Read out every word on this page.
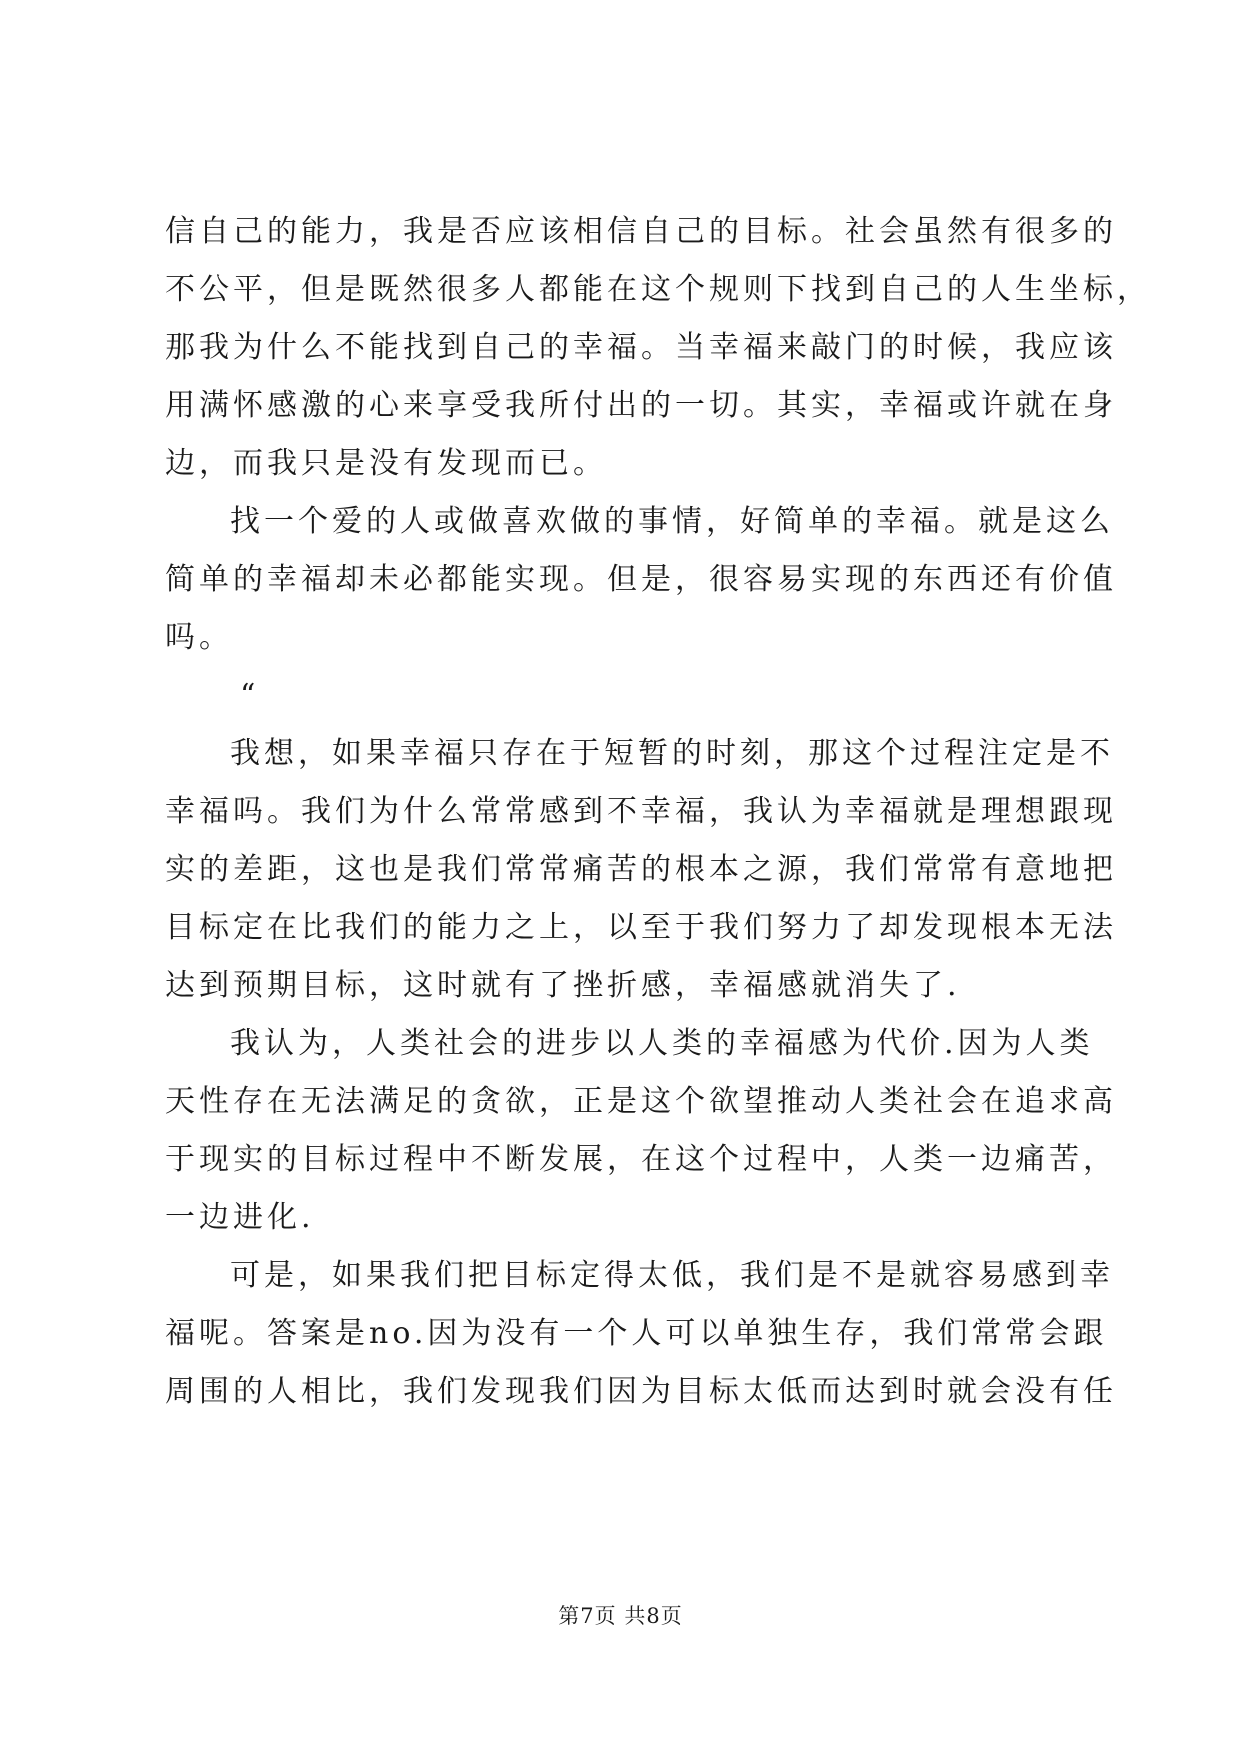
信自己的能力，我是否应该相信自己的目标。社会虽然有很多的
不公平，但是既然很多人都能在这个规则下找到自己的人生坐标，
那我为什么不能找到自己的幸福。当幸福来敲门的时候，我应该
用满怀感激的心来享受我所付出的一切。其实，幸福或许就在身
边，而我只是没有发现而已。
找一个爱的人或做喜欢做的事情，好简单的幸福。就是这么
简单的幸福却未必都能实现。但是，很容易实现的东西还有价值
吗。
“
我想，如果幸福只存在于短暂的时刻，那这个过程注定是不
幸福吗。我们为什么常常感到不幸福，我认为幸福就是理想跟现
实的差距，这也是我们常常痛苦的根本之源，我们常常有意地把
目标定在比我们的能力之上，以至于我们努力了却发现根本无法
达到预期目标，这时就有了挫折感，幸福感就消失了.
我认为，人类社会的进步以人类的幸福感为代价.因为人类
天性存在无法满足的贪欲，正是这个欲望推动人类社会在追求高
于现实的目标过程中不断发展，在这个过程中，人类一边痛苦，
一边进化.
可是，如果我们把目标定得太低，我们是不是就容易感到幸
福呢。答案是no.因为没有一个人可以单独生存，我们常常会跟
周围的人相比，我们发现我们因为目标太低而达到时就会没有任
第7页 共8页
